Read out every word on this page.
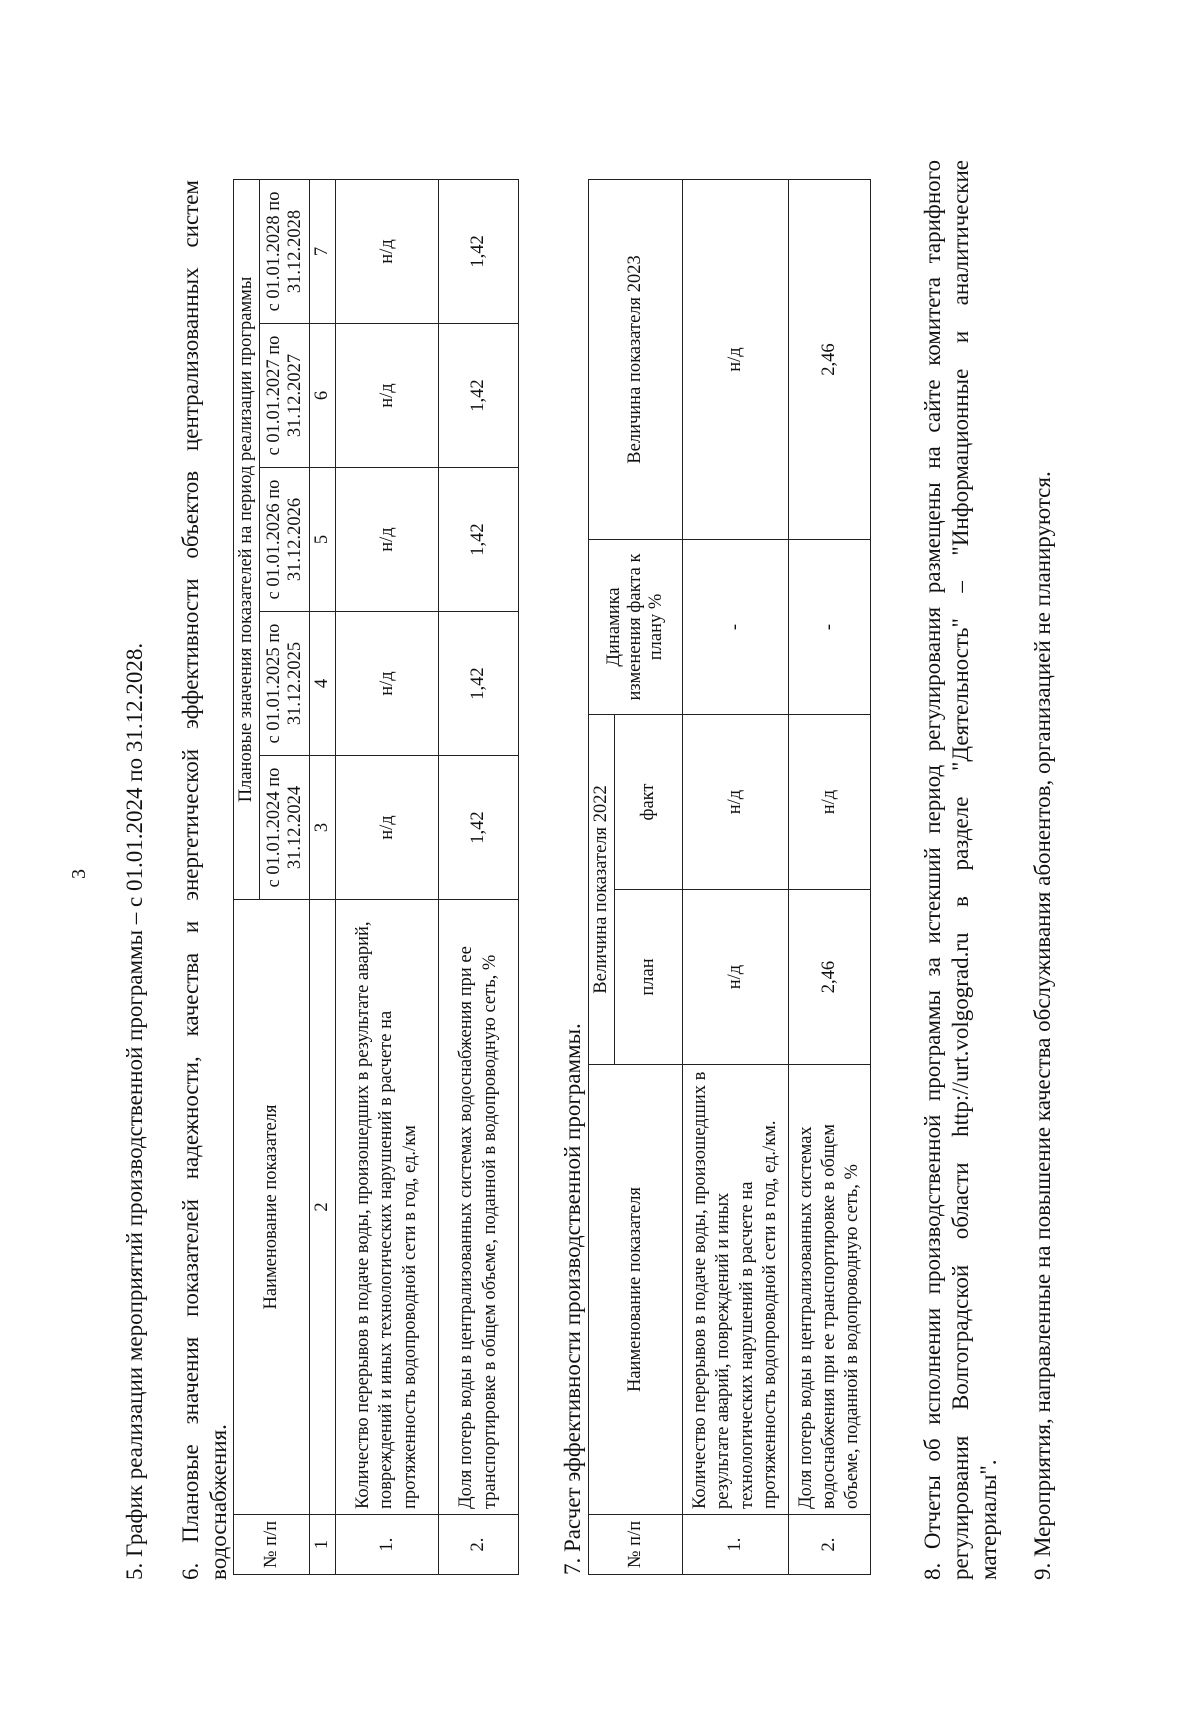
3 5. График реализации мероприятий производственной программы – с 01.01.2024 по 31.12.2028. 6. Плановые значения показателей надежности, качества и энергетической эффективности объектов централизованных систем водоснабжения. № п/п	Наименование показателя	Плановые значения показателей на период реализации программы				
		с 01.01.2024 по 31.12.2024	с 01.01.2025 по 31.12.2025	с 01.01.2026 по 31.12.2026	с 01.01.2027 по 31.12.2027	с 01.01.2028 по 31.12.2028
1	2	3	4	5	6	7
1.	Количество перерывов в подаче воды, произошедших в результате аварий, повреждений и иных технологических нарушений в расчете на протяженность водопроводной сети в год, ед./км	н/д	н/д	н/д	н/д	н/д
2.	Доля потерь воды в централизованных системах водоснабжения при ее транспортировке в общем объеме, поданной в водопроводную сеть, %	1,42	1,42	1,42	1,42	1,42
7. Расчет эффективности производственной программы. № п/п	Наименование показателя	Величина показателя 2022		Динамика изменения факта к плану %	Величина показателя 2023
		план	факт		
1.	Количество перерывов в подаче воды, произошедших в результате аварий, повреждений и иных технологических нарушений в расчете на протяженность водопроводной сети в год, ед./км.	н/д	н/д	-	н/д
2.	Доля потерь воды в централизованных системах водоснабжения при ее транспортировке в общем объеме, поданной в водопроводную сеть, %	2,46	н/д	-	2,46	8. Отчеты об исполнении производственной программы за истекший период регулирования размещены на сайте комитета тарифного регулирования Волгоградской области http://urt.volgograd.ru в разделе "Деятельность" – "Информационные и аналитические материалы". 9. Мероприятия, направленные на повышение качества обслуживания абонентов, организацией не планируются.
